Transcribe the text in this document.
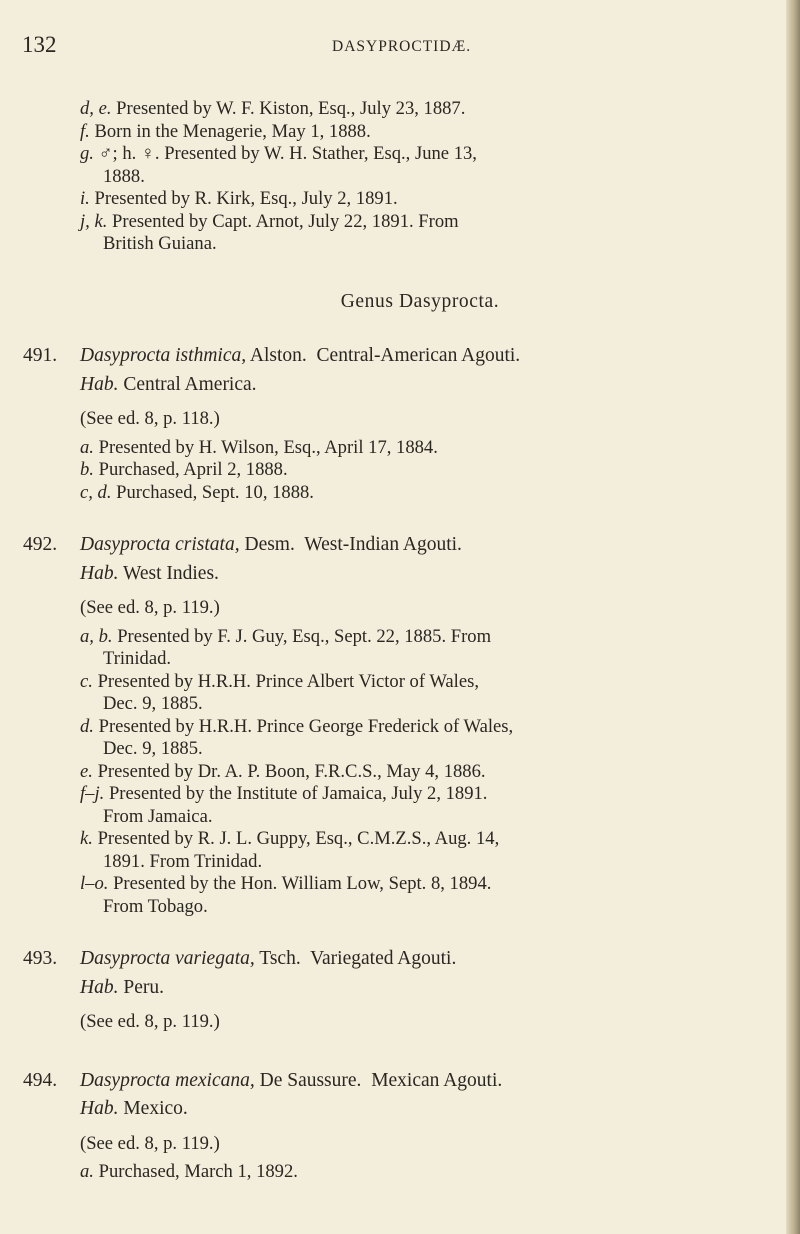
132	DASYPROCTIDÆ.

d, e. Presented by W. F. Kiston, Esq., July 23, 1887.

f. Born in the Menagerie, May 1, 1888.

g. ♂; h. ♀. Presented by W. H. Stather, Esq., June 13,
1888.

i. Presented by R. Kirk, Esq., July 2, 1891.

j, k. Presented by Capt. Arnot, July 22, 1891. From
British Guiana.

Genus Dasyprocta.
491.	Dasyprocta isthmica, Alston. Central-American Agouti.
Hab. Central America.
(See ed. 8, p. 118.)

a. Presented by H. Wilson, Esq., April 17, 1884.

b. Purchased, April 2, 1888.

c, d. Purchased, Sept. 10, 1888.

492.	Dasyprocta cristata, Desm. West-Indian Agouti.
Hab. West Indies.
(See ed. 8, p. 119.)

a, b. Presented by F. J. Guy, Esq., Sept. 22, 1885. From
Trinidad.

c. Presented by H.R.H. Prince Albert Victor of Wales,
Dec. 9, 1885.

d. Presented by H.R.H. Prince George Frederick of Wales,
Dec. 9, 1885.

e. Presented by Dr. A. P. Boon, F.R.C.S., May 4, 1886.

f–j. Presented by the Institute of Jamaica, July 2, 1891.
From Jamaica.

k. Presented by R. J. L. Guppy, Esq., C.M.Z.S., Aug. 14,
1891. From Trinidad.

l–o. Presented by the Hon. William Low, Sept. 8, 1894.
From Tobago.

493.	Dasyprocta variegata, Tsch. Variegated Agouti.
Hab. Peru.
(See ed. 8, p. 119.)
494.	Dasyprocta mexicana, De Saussure. Mexican Agouti.
Hab. Mexico.
(See ed. 8, p. 119.)

a. Purchased, March 1, 1892.
